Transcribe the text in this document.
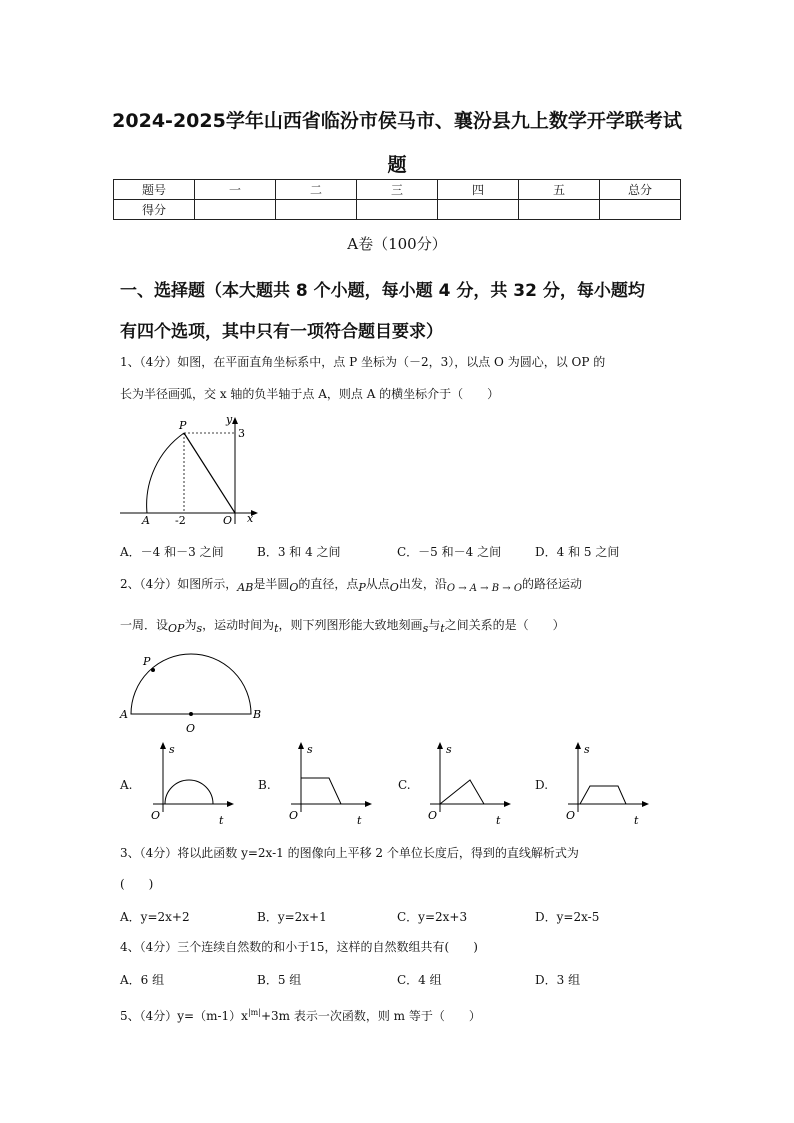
2024-2025学年山西省临汾市侯马市、襄汾县九上数学开学联考试
题
题号	一	二	三	四	五	总分
得分						
A卷（100分）
一、选择题（本大题共 8 个小题，每小题 4 分，共 32 分，每小题均
有四个选项，其中只有一项符合题目要求）
1、（4分）如图，在平面直角坐标系中，点 P 坐标为（－2，3），以点 O 为圆心，以 OP 的
长为半径画弧，交 x 轴的负半轴于点 A，则点 A 的横坐标介于（　　）
P	y
3
A -2	O x
A．－4 和－3 之间	B．3 和 4 之间	C．－5 和－4 之间	D．4 和 5 之间
2、（4分）如图所示，AB是半圆O的直径，点P从点O出发，沿$_{O \to A \to B \to O}$的路径运动
一周．设OP为s，运动时间为t，则下列图形能大致地刻画s与t之间关系的是（　　）
P
A
O
B
A.
s
O	t
B.
s
O	t
C.
s
O	t
D.
s
O	t
3、（4分）将以此函数 y=2x-1 的图像向上平移 2 个单位长度后，得到的直线解析式为
(　　)
A．y=2x+2	B．y=2x+1	C．y=2x+3	D．y=2x-5
4、（4分）三个连续自然数的和小于15，这样的自然数组共有(　　)
A．6 组	B．5 组	C．4 组	D．3 组
5、（4分）$y=(m-1)x^{|m|}+3m$ 表示一次函数，则 m 等于（　　）
